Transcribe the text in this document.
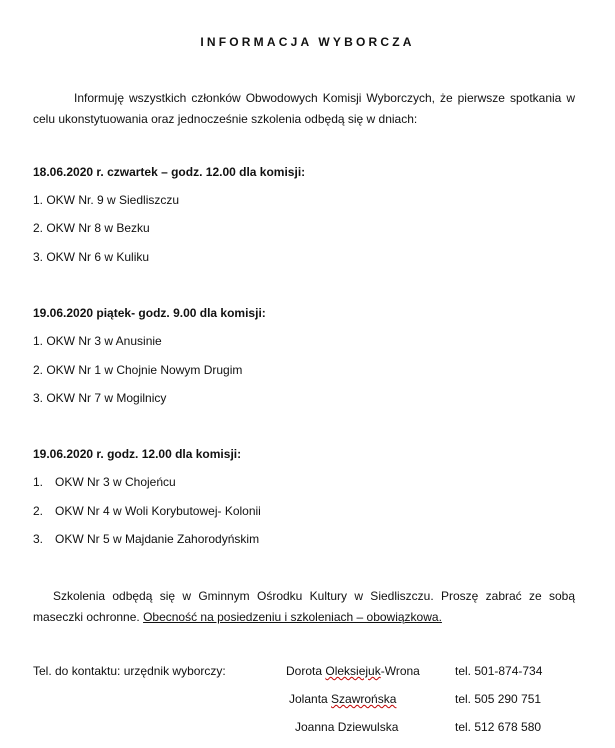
INFORMACJA WYBORCZA
Informuję wszystkich członków Obwodowych Komisji Wyborczych, że pierwsze spotkania w celu ukonstytuowania oraz jednocześnie szkolenia odbędą się w dniach:
18.06.2020 r. czwartek – godz. 12.00 dla komisji:
1. OKW Nr. 9 w Siedliszczu
2. OKW Nr 8 w Bezku
3. OKW Nr 6 w Kuliku
19.06.2020 piątek- godz. 9.00 dla komisji:
1. OKW Nr 3 w Anusinie
2. OKW Nr 1 w Chojnie Nowym Drugim
3. OKW Nr 7 w Mogilnicy
19.06.2020 r. godz. 12.00 dla komisji:
1. OKW Nr 3 w Chojeńcu
2. OKW Nr 4 w Woli Korybutowej- Kolonii
3. OKW Nr 5 w Majdanie Zahorodyńskim
Szkolenia odbędą się w Gminnym Ośrodku Kultury w Siedliszczu. Proszę zabrać ze sobą maseczki ochronne. Obecność na posiedzeniu i szkoleniach – obowiązkowa.
Tel. do kontaktu: urzędnik wyborczy:	Dorota Oleksiejuk-Wrona	tel. 501-874-734
Jolanta Szawrońska	tel. 505 290 751
Joanna Dziewulska	tel. 512 678 580
